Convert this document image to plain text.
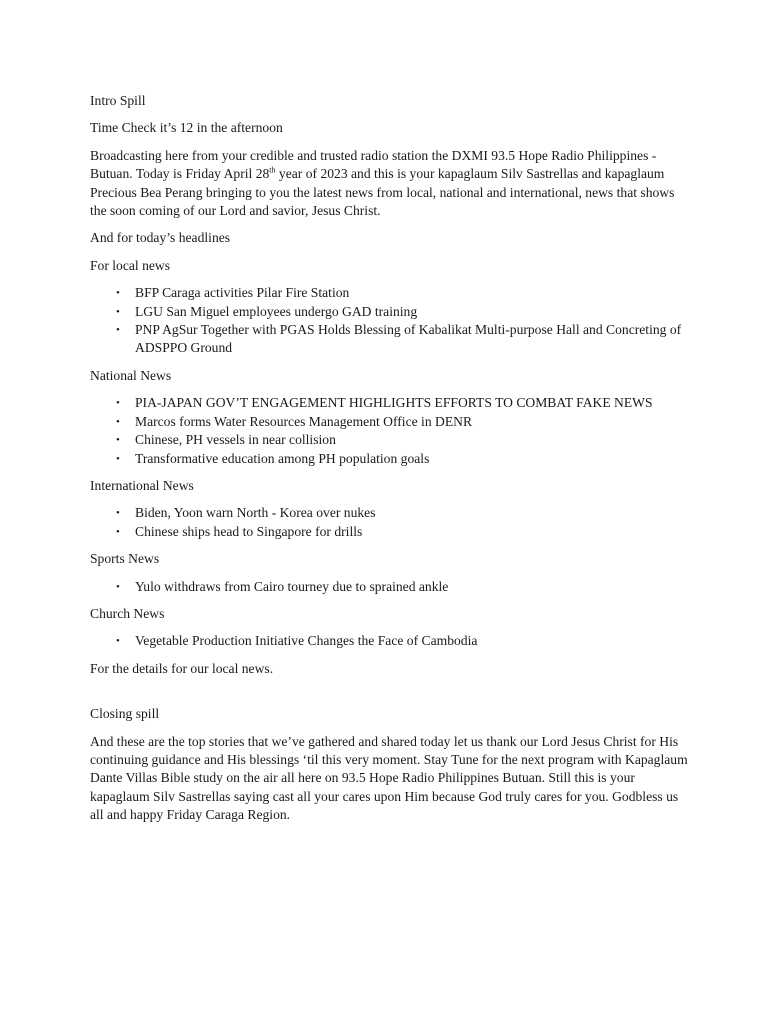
Intro Spill

Time Check it’s 12 in the afternoon

Broadcasting here from your credible and trusted radio station the DXMI 93.5 Hope Radio Philippines - Butuan. Today is Friday April 28th year of 2023 and this is your kapaglaum Silv Sastrellas and kapaglaum Precious Bea Perang bringing to you the latest news from local, national and international, news that shows the soon coming of our Lord and savior, Jesus Christ.

And for today’s headlines

For local news

• BFP Caraga activities Pilar Fire Station
• LGU San Miguel employees undergo GAD training
• PNP AgSur Together with PGAS Holds Blessing of Kabalikat Multi-purpose Hall and Concreting of ADSPPO Ground

National News

• PIA-JAPAN GOV’T ENGAGEMENT HIGHLIGHTS EFFORTS TO COMBAT FAKE NEWS
• Marcos forms Water Resources Management Office in DENR
• Chinese, PH vessels in near collision
• Transformative education among PH population goals

International News

• Biden, Yoon warn North - Korea over nukes
• Chinese ships head to Singapore for drills

Sports News

• Yulo withdraws from Cairo tourney due to sprained ankle

Church News

• Vegetable Production Initiative Changes the Face of Cambodia

For the details for our local news.

Closing spill

And these are the top stories that we’ve gathered and shared today let us thank our Lord Jesus Christ for His continuing guidance and His blessings ‘til this very moment. Stay Tune for the next program with Kapaglaum Dante Villas Bible study on the air all here on 93.5 Hope Radio Philippines Butuan. Still this is your kapaglaum Silv Sastrellas saying cast all your cares upon Him because God truly cares for you. Godbless us all and happy Friday Caraga Region.
